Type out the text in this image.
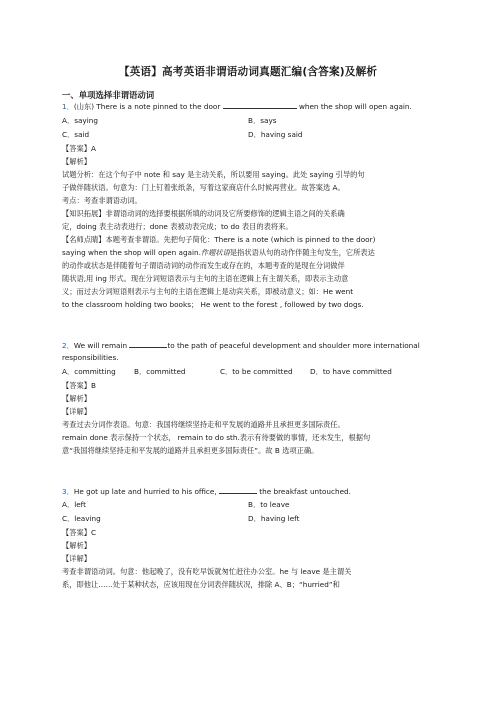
【英语】高考英语非谓语动词真题汇编(含答案)及解析
一、单项选择非谓语动词
1．(山东) There is a note pinned to the door	when the shop will open again.
A．saying	B．says
C．said	D．having said
【答案】A
【解析】
试题分析：在这个句子中 note 和 say 是主动关系，所以要用 saying。此处 saying 引导的句
子做伴随状语。句意为：门上钉着张纸条，写着这家商店什么时候再营业。故答案选 A。
考点：考查非谓语动词。
【知识拓展】非谓语动词的选择要根据所填的动词及它所要修饰的逻辑主语之间的关系确
定，doing 表主动表进行；done 表被动表完成；to do 表目的表将来。
【名师点睛】本题考查非谓语。先把句子简化：There is a note (which is pinned to the door)
saying when the shop will open again.作题状语是指状语从句的动作伴随主句发生，它所表达
的动作或状态是伴随着句子谓语动词的动作而发生或存在的，本题考查的是现在分词做伴
随状语,用 ing 形式。现在分词短语表示与主句的主语在逻辑上有主谓关系，即表示主动意
义；而过去分词短语则表示与主句的主语在逻辑上是动宾关系，即被动意义；如：He went
to the classroom holding two books； He went to the forest , followed by two dogs.
2．We will remain	to the path of peaceful development and shoulder more international
responsibilities.
A．committing	B．committed	C．to be committed D．to have committed
【答案】B
【解析】
【详解】
考查过去分词作表语。句意：我国将继续坚持走和平发展的道路并且承担更多国际责任。
remain done 表示保持一个状态， remain to do sth.表示有待要做的事情，还未发生，根据句
意“我国将继续坚持走和平发展的道路并且承担更多国际责任”。故 B 选项正确。
3．He got up late and hurried to his office,	the breakfast untouched.
A．left	B．to leave
C．leaving	D．having left
【答案】C
【解析】
【详解】
考查非谓语动词。句意：他起晚了，没有吃早饭就匆忙赶往办公室。he 与 leave 是主谓关
系，即他让……处于某种状态，应该用现在分词表伴随状况，排除 A、B；“hurried”和
